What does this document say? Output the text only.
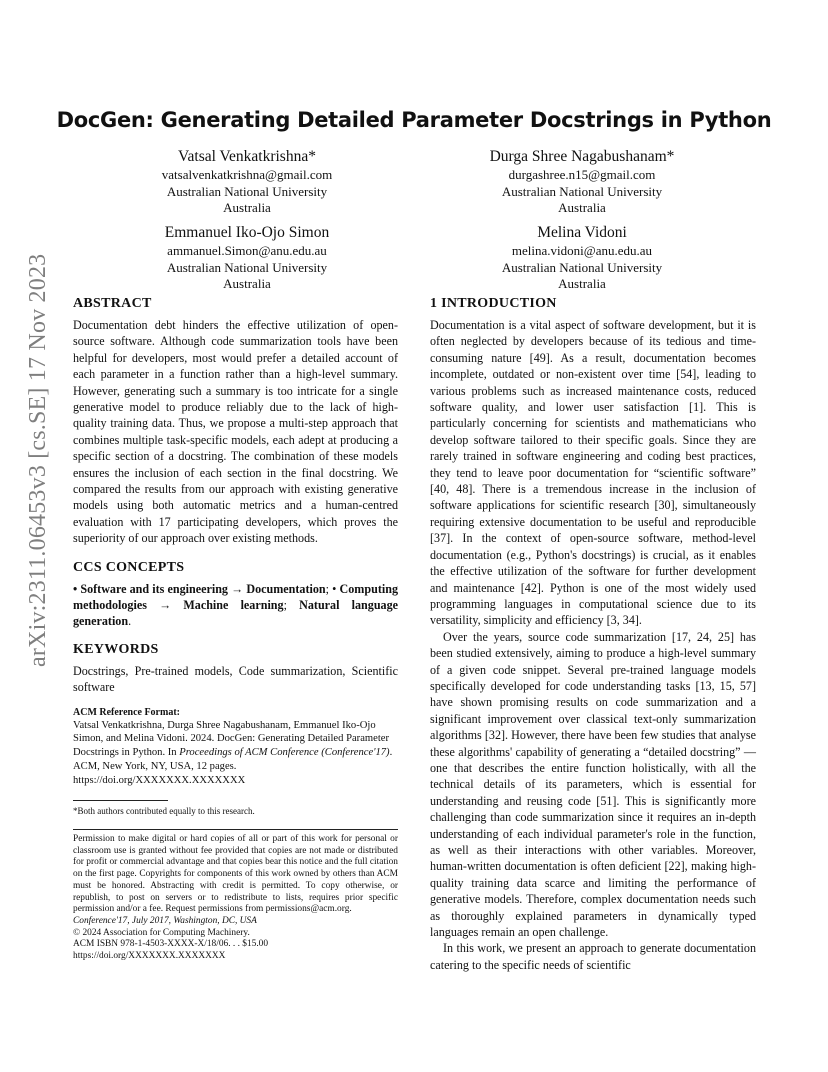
arXiv:2311.06453v3 [cs.SE] 17 Nov 2023
DocGen: Generating Detailed Parameter Docstrings in Python
Vatsal Venkatkrishna*
vatsalvenkatkrishna@gmail.com
Australian National University
Australia
Durga Shree Nagabushanam*
durgashree.n15@gmail.com
Australian National University
Australia
Emmanuel Iko-Ojo Simon
ammanuel.Simon@anu.edu.au
Australian National University
Australia
Melina Vidoni
melina.vidoni@anu.edu.au
Australian National University
Australia
ABSTRACT

Documentation debt hinders the effective utilization of open-source software. Although code summarization tools have been helpful for developers, most would prefer a detailed account of each parameter in a function rather than a high-level summary. However, generating such a summary is too intricate for a single generative model to produce reliably due to the lack of high-quality training data. Thus, we propose a multi-step approach that combines multiple task-specific models, each adept at producing a specific section of a docstring. The combination of these models ensures the inclusion of each section in the final docstring. We compared the results from our approach with existing generative models using both automatic metrics and a human-centred evaluation with 17 participating developers, which proves the superiority of our approach over existing methods.

CCS CONCEPTS

• Software and its engineering → Documentation; • Computing methodologies → Machine learning; Natural language generation.

KEYWORDS

Docstrings, Pre-trained models, Code summarization, Scientific software

ACM Reference Format:

Vatsal Venkatkrishna, Durga Shree Nagabushanam, Emmanuel Iko-Ojo Simon, and Melina Vidoni. 2024. DocGen: Generating Detailed Parameter Docstrings in Python. In Proceedings of ACM Conference (Conference'17). ACM, New York, NY, USA, 12 pages. https://doi.org/XXXXXXX.XXXXXXX

*Both authors contributed equally to this research.

Permission to make digital or hard copies of all or part of this work for personal or classroom use is granted without fee provided that copies are not made or distributed for profit or commercial advantage and that copies bear this notice and the full citation on the first page. Copyrights for components of this work owned by others than ACM must be honored. Abstracting with credit is permitted. To copy otherwise, or republish, to post on servers or to redistribute to lists, requires prior specific permission and/or a fee. Request permissions from permissions@acm.org.

Conference'17, July 2017, Washington, DC, USA
© 2024 Association for Computing Machinery.
ACM ISBN 978-1-4503-XXXX-X/18/06. . . $15.00
https://doi.org/XXXXXXX.XXXXXXX
1 INTRODUCTION

Documentation is a vital aspect of software development, but it is often neglected by developers because of its tedious and time-consuming nature [49]. As a result, documentation becomes incomplete, outdated or non-existent over time [54], leading to various problems such as increased maintenance costs, reduced software quality, and lower user satisfaction [1]. This is particularly concerning for scientists and mathematicians who develop software tailored to their specific goals. Since they are rarely trained in software engineering and coding best practices, they tend to leave poor documentation for “scientific software” [40, 48]. There is a tremendous increase in the inclusion of software applications for scientific research [30], simultaneously requiring extensive documentation to be useful and reproducible [37]. In the context of open-source software, method-level documentation (e.g., Python's docstrings) is crucial, as it enables the effective utilization of the software for further development and maintenance [42]. Python is one of the most widely used programming languages in computational science due to its versatility, simplicity and efficiency [3, 34].

Over the years, source code summarization [17, 24, 25] has been studied extensively, aiming to produce a high-level summary of a given code snippet. Several pre-trained language models specifically developed for code understanding tasks [13, 15, 57] have shown promising results on code summarization and a significant improvement over classical text-only summarization algorithms [32]. However, there have been few studies that analyse these algorithms' capability of generating a “detailed docstring” — one that describes the entire function holistically, with all the technical details of its parameters, which is essential for understanding and reusing code [51]. This is significantly more challenging than code summarization since it requires an in-depth understanding of each individual parameter's role in the function, as well as their interactions with other variables. Moreover, human-written documentation is often deficient [22], making high-quality training data scarce and limiting the performance of generative models. Therefore, complex documentation needs such as thoroughly explained parameters in dynamically typed languages remain an open challenge.

In this work, we present an approach to generate documentation catering to the specific needs of scientific
